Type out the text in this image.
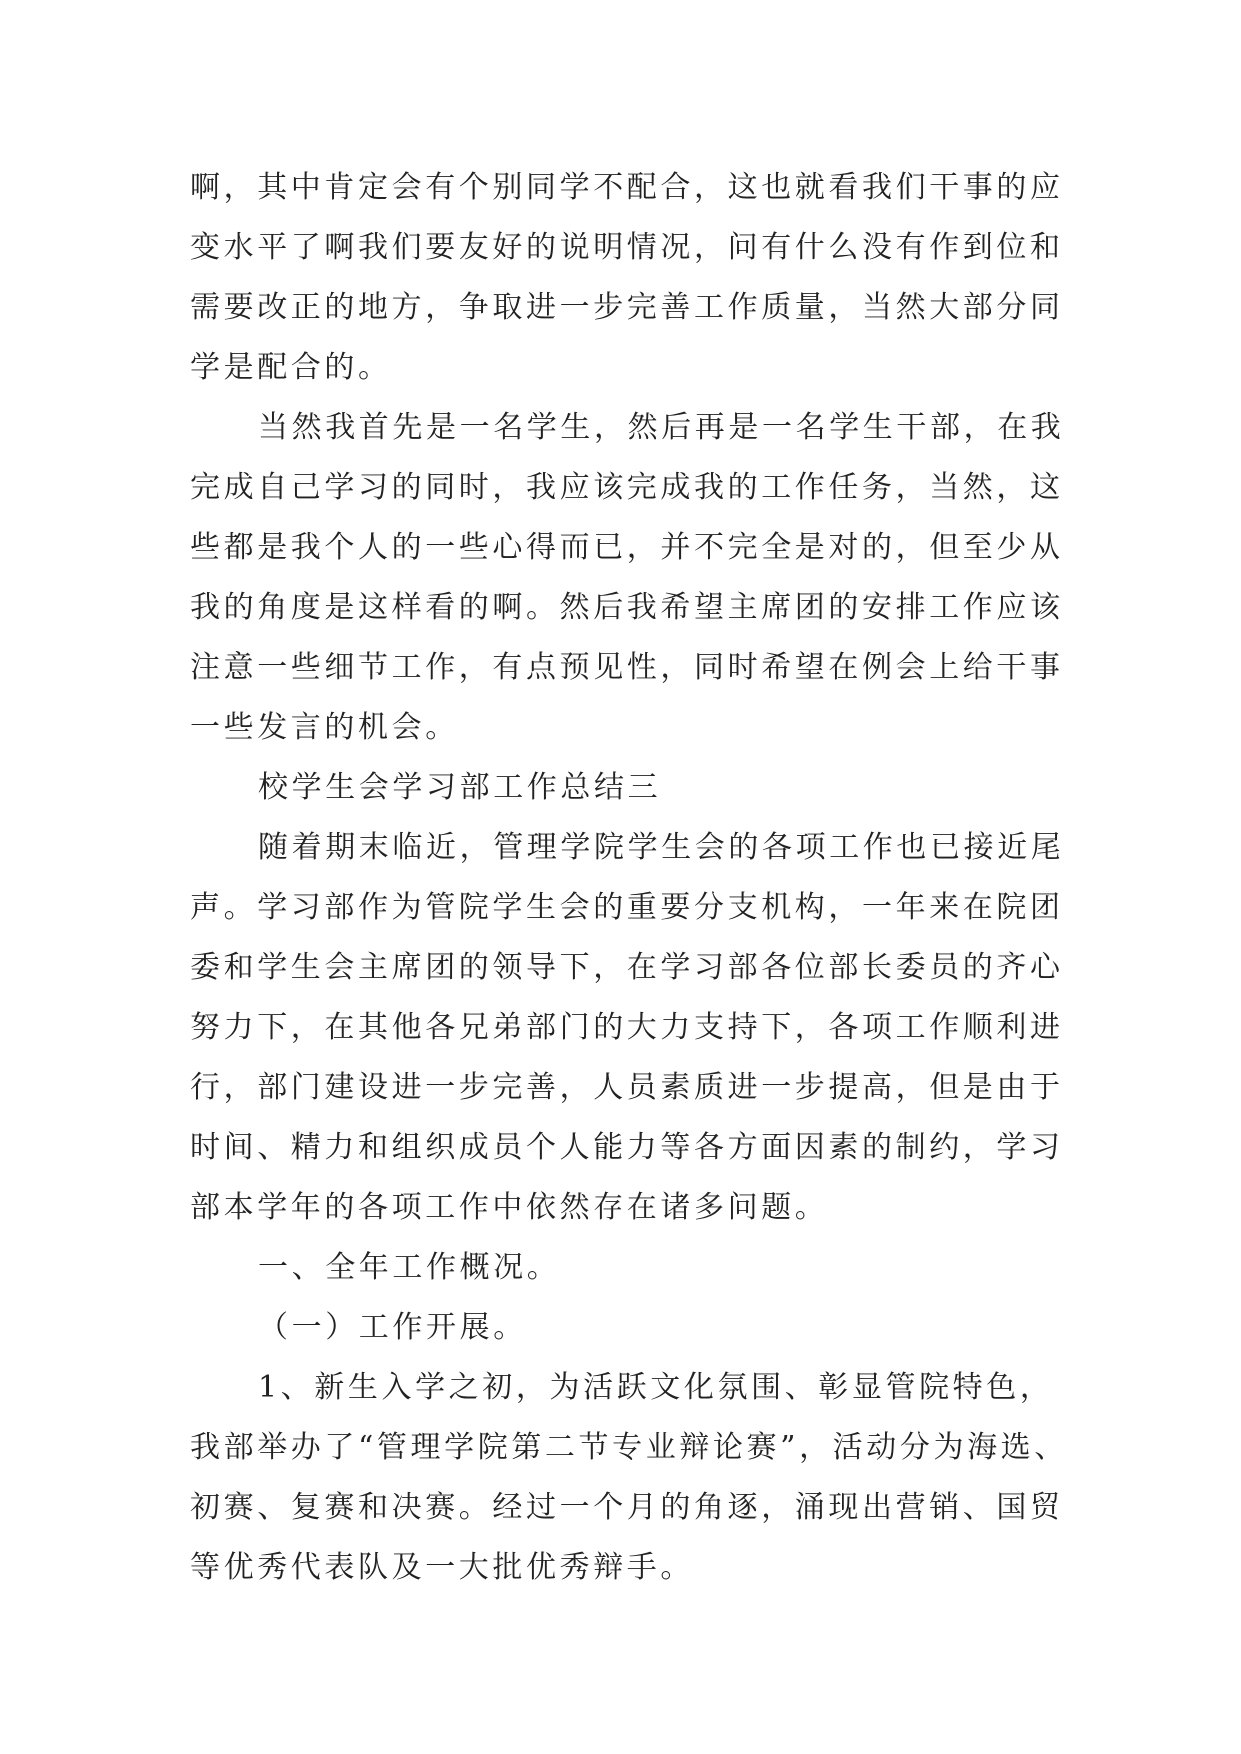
啊，其中肯定会有个别同学不配合，这也就看我们干事的应
变水平了啊我们要友好的说明情况，问有什么没有作到位和
需要改正的地方，争取进一步完善工作质量，当然大部分同
学是配合的。

当然我首先是一名学生，然后再是一名学生干部，在我
完成自己学习的同时，我应该完成我的工作任务，当然，这
些都是我个人的一些心得而已，并不完全是对的，但至少从
我的角度是这样看的啊。然后我希望主席团的安排工作应该
注意一些细节工作，有点预见性，同时希望在例会上给干事
一些发言的机会。

校学生会学习部工作总结三

随着期末临近，管理学院学生会的各项工作也已接近尾
声。学习部作为管院学生会的重要分支机构，一年来在院团
委和学生会主席团的领导下，在学习部各位部长委员的齐心
努力下，在其他各兄弟部门的大力支持下，各项工作顺利进
行，部门建设进一步完善，人员素质进一步提高，但是由于
时间、精力和组织成员个人能力等各方面因素的制约，学习
部本学年的各项工作中依然存在诸多问题。

一、全年工作概况。

（一）工作开展。

1、新生入学之初，为活跃文化氛围、彰显管院特色，
我部举办了“管理学院第二节专业辩论赛”，活动分为海选、
初赛、复赛和决赛。经过一个月的角逐，涌现出营销、国贸
等优秀代表队及一大批优秀辩手。
